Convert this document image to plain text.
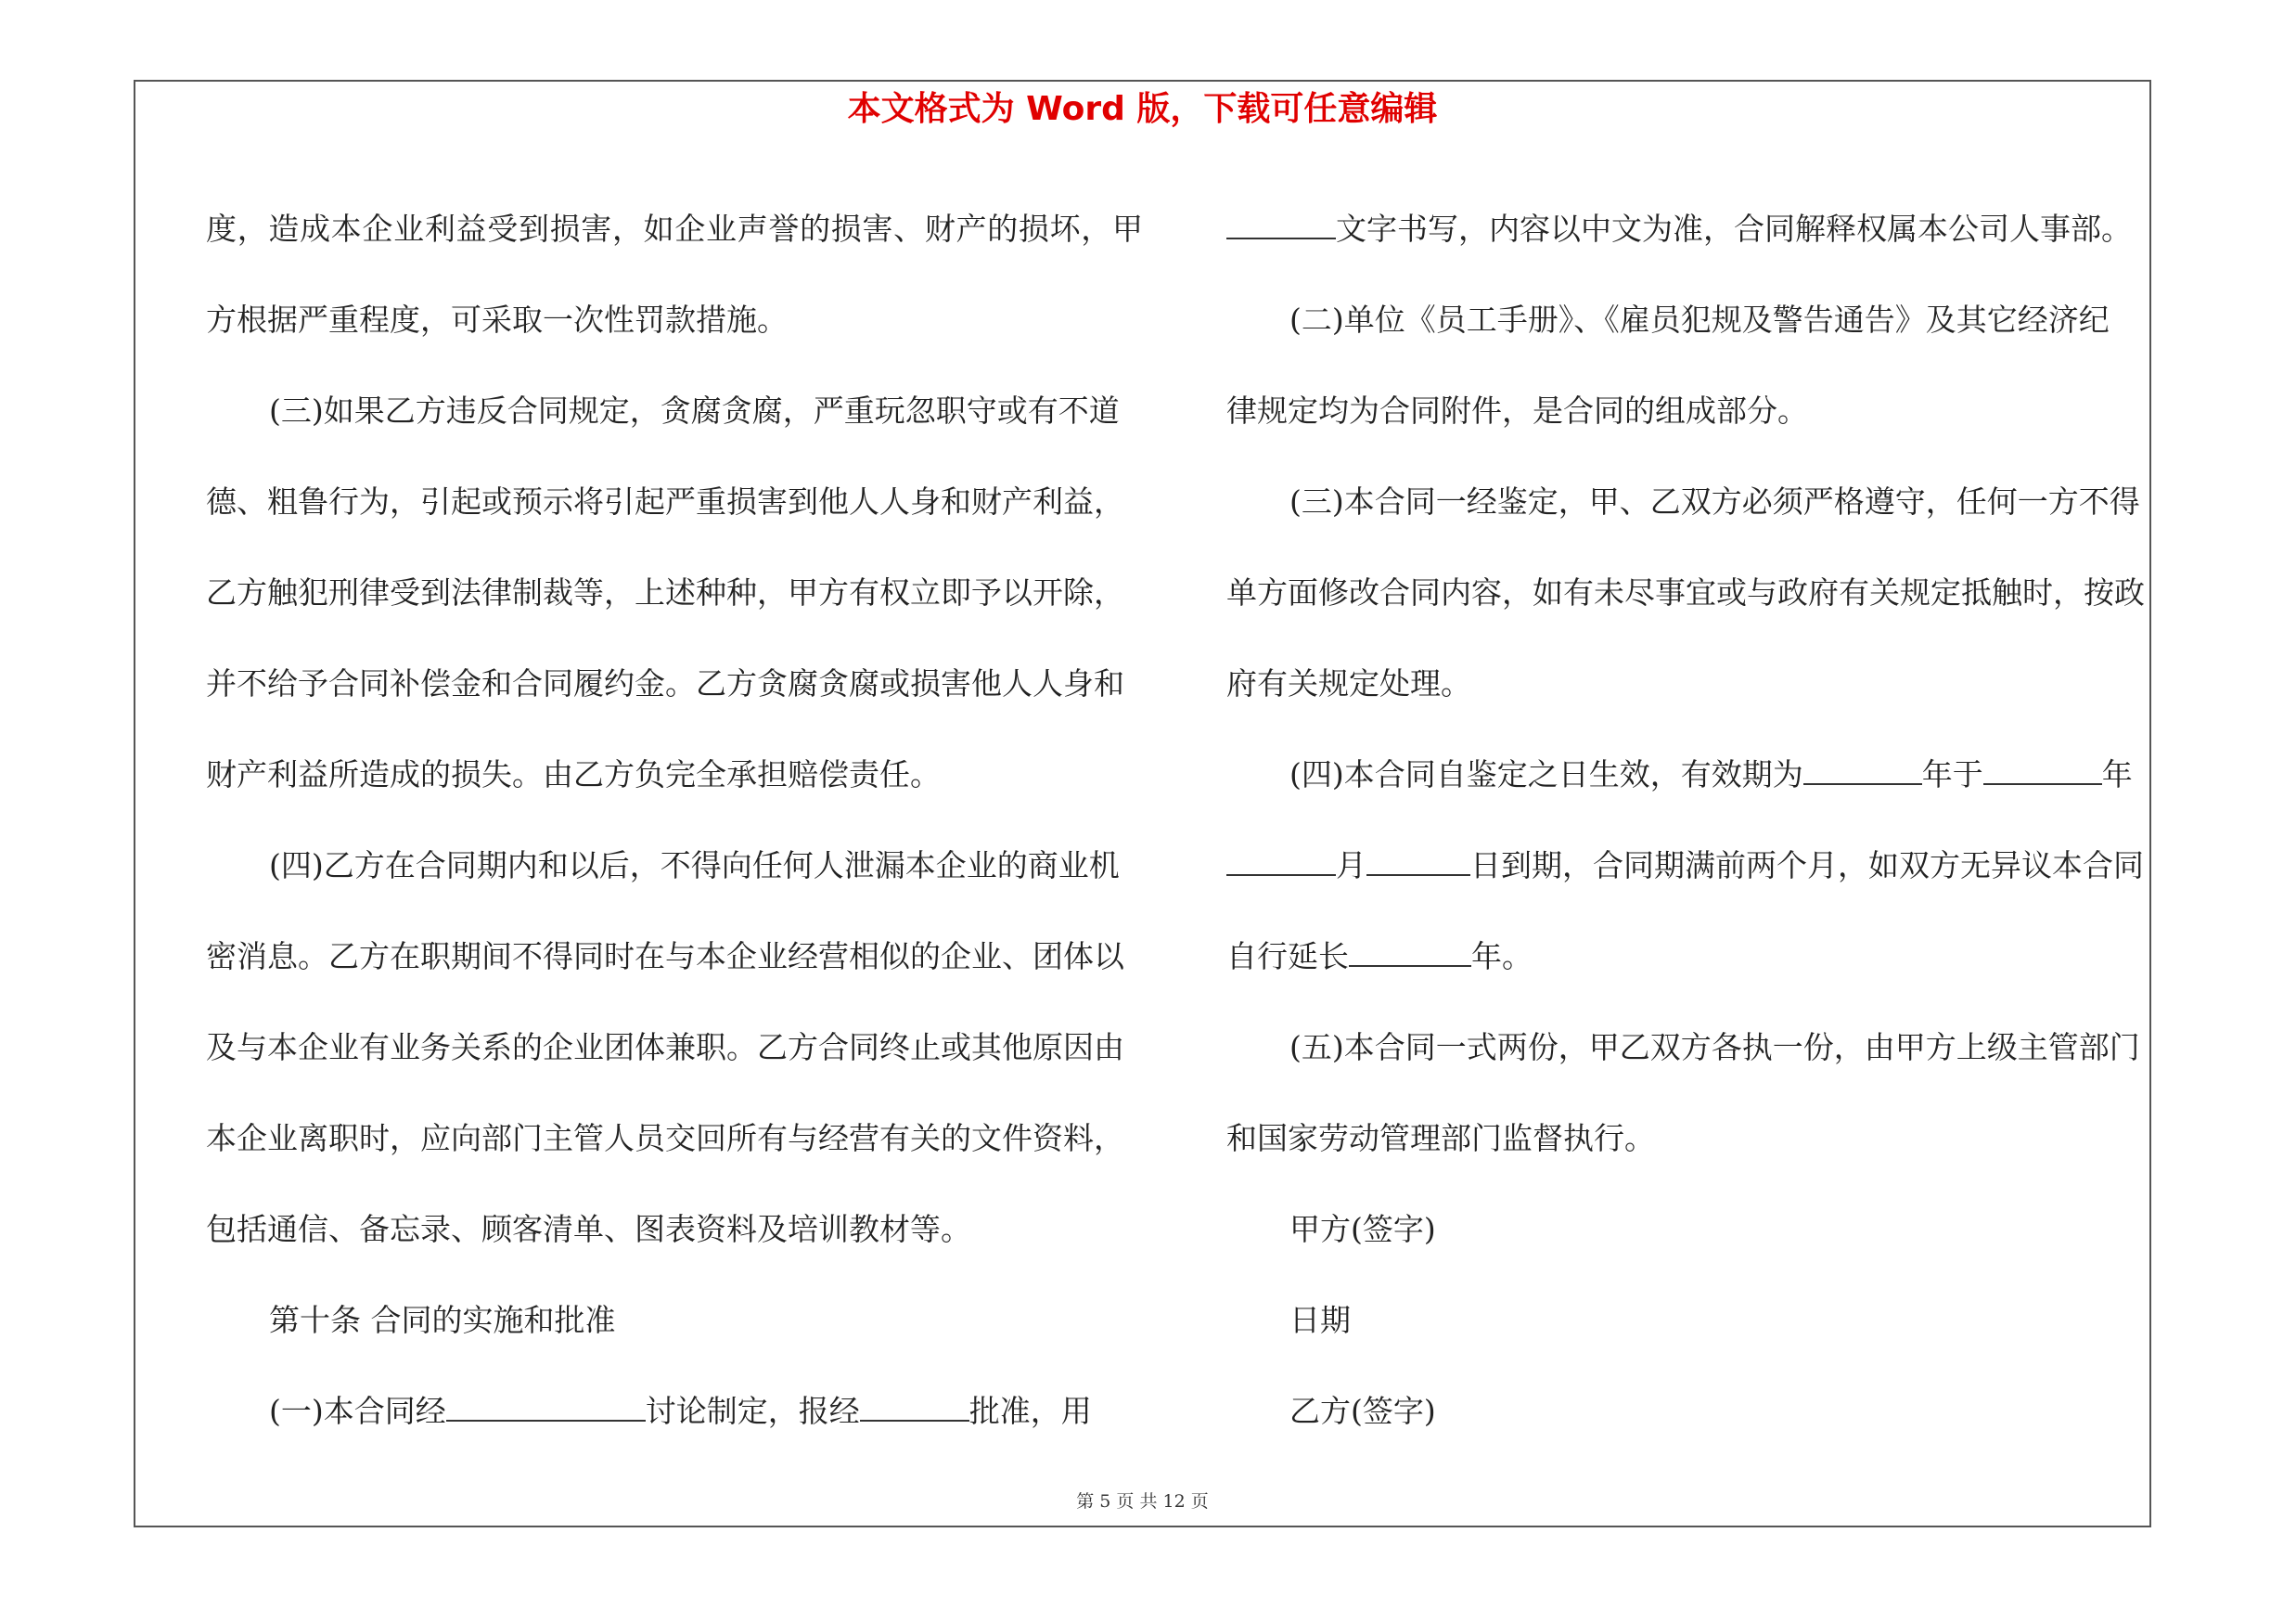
本文格式为 Word 版，下载可任意编辑
度，造成本企业利益受到损害，如企业声誉的损害、财产的损坏，甲
方根据严重程度，可采取一次性罚款措施。
(三)如果乙方违反合同规定，贪腐贪腐，严重玩忽职守或有不道
德、粗鲁行为，引起或预示将引起严重损害到他人人身和财产利益，
乙方触犯刑律受到法律制裁等，上述种种，甲方有权立即予以开除，
并不给予合同补偿金和合同履约金。乙方贪腐贪腐或损害他人人身和
财产利益所造成的损失。由乙方负完全承担赔偿责任。
(四)乙方在合同期内和以后，不得向任何人泄漏本企业的商业机
密消息。乙方在职期间不得同时在与本企业经营相似的企业、团体以
及与本企业有业务关系的企业团体兼职。乙方合同终止或其他原因由
本企业离职时，应向部门主管人员交回所有与经营有关的文件资料，
包括通信、备忘录、顾客清单、图表资料及培训教材等。
第十条 合同的实施和批准
(一)本合同经	讨论制定，报经	批准，用
文字书写，内容以中文为准，合同解释权属本公司人事部。
(二)单位《员工手册》、《雇员犯规及警告通告》及其它经济纪
律规定均为合同附件，是合同的组成部分。
(三)本合同一经鉴定，甲、乙双方必须严格遵守，任何一方不得
单方面修改合同内容，如有未尽事宜或与政府有关规定抵触时，按政
府有关规定处理。
(四)本合同自鉴定之日生效，有效期为	年于	年
月	日到期，合同期满前两个月，如双方无异议本合同
自行延长	年。
(五)本合同一式两份，甲乙双方各执一份，由甲方上级主管部门
和国家劳动管理部门监督执行。
甲方(签字)
日期
乙方(签字)
第 5 页 共 12 页
